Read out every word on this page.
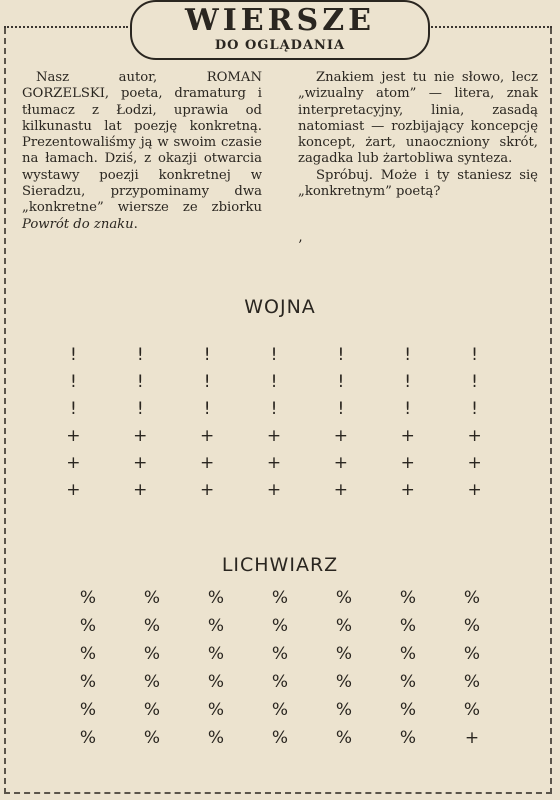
WIERSZE
DO OGLĄDANIA

Nasz autor, ROMAN GORZELSKI, poeta, dramaturg i tłumacz z Łodzi, uprawia od kilkunastu lat poezję konkretną. Prezentowaliśmy ją w swoim czasie na łamach. Dziś, z okazji otwarcia wystawy poezji konkretnej w Sieradzu, przypominamy dwa „konkretne” wiersze ze zbiorku Powrót do znaku.

Znakiem jest tu nie słowo, lecz „wizualny atom” — litera, znak interpretacyjny, linia, zasadą natomiast — rozbijający koncepcję koncept, żart, unaoczniony skrót, zagadka lub żartobliwa synteza.

Spróbuj. Może i ty staniesz się „konkretnym” poetą?

’
WOJNA
!	!	!	!	!	!	!
!	!	!	!	!	!	!
!	!	!	!	!	!	!
+	+	+	+	+	+	+
+	+	+	+	+	+	+
+	+	+	+	+	+	+
LICHWIARZ
%	%	%	%	%	%	%
%	%	%	%	%	%	%
%	%	%	%	%	%	%
%	%	%	%	%	%	%
%	%	%	%	%	%	%
%	%	%	%	%	%	+
